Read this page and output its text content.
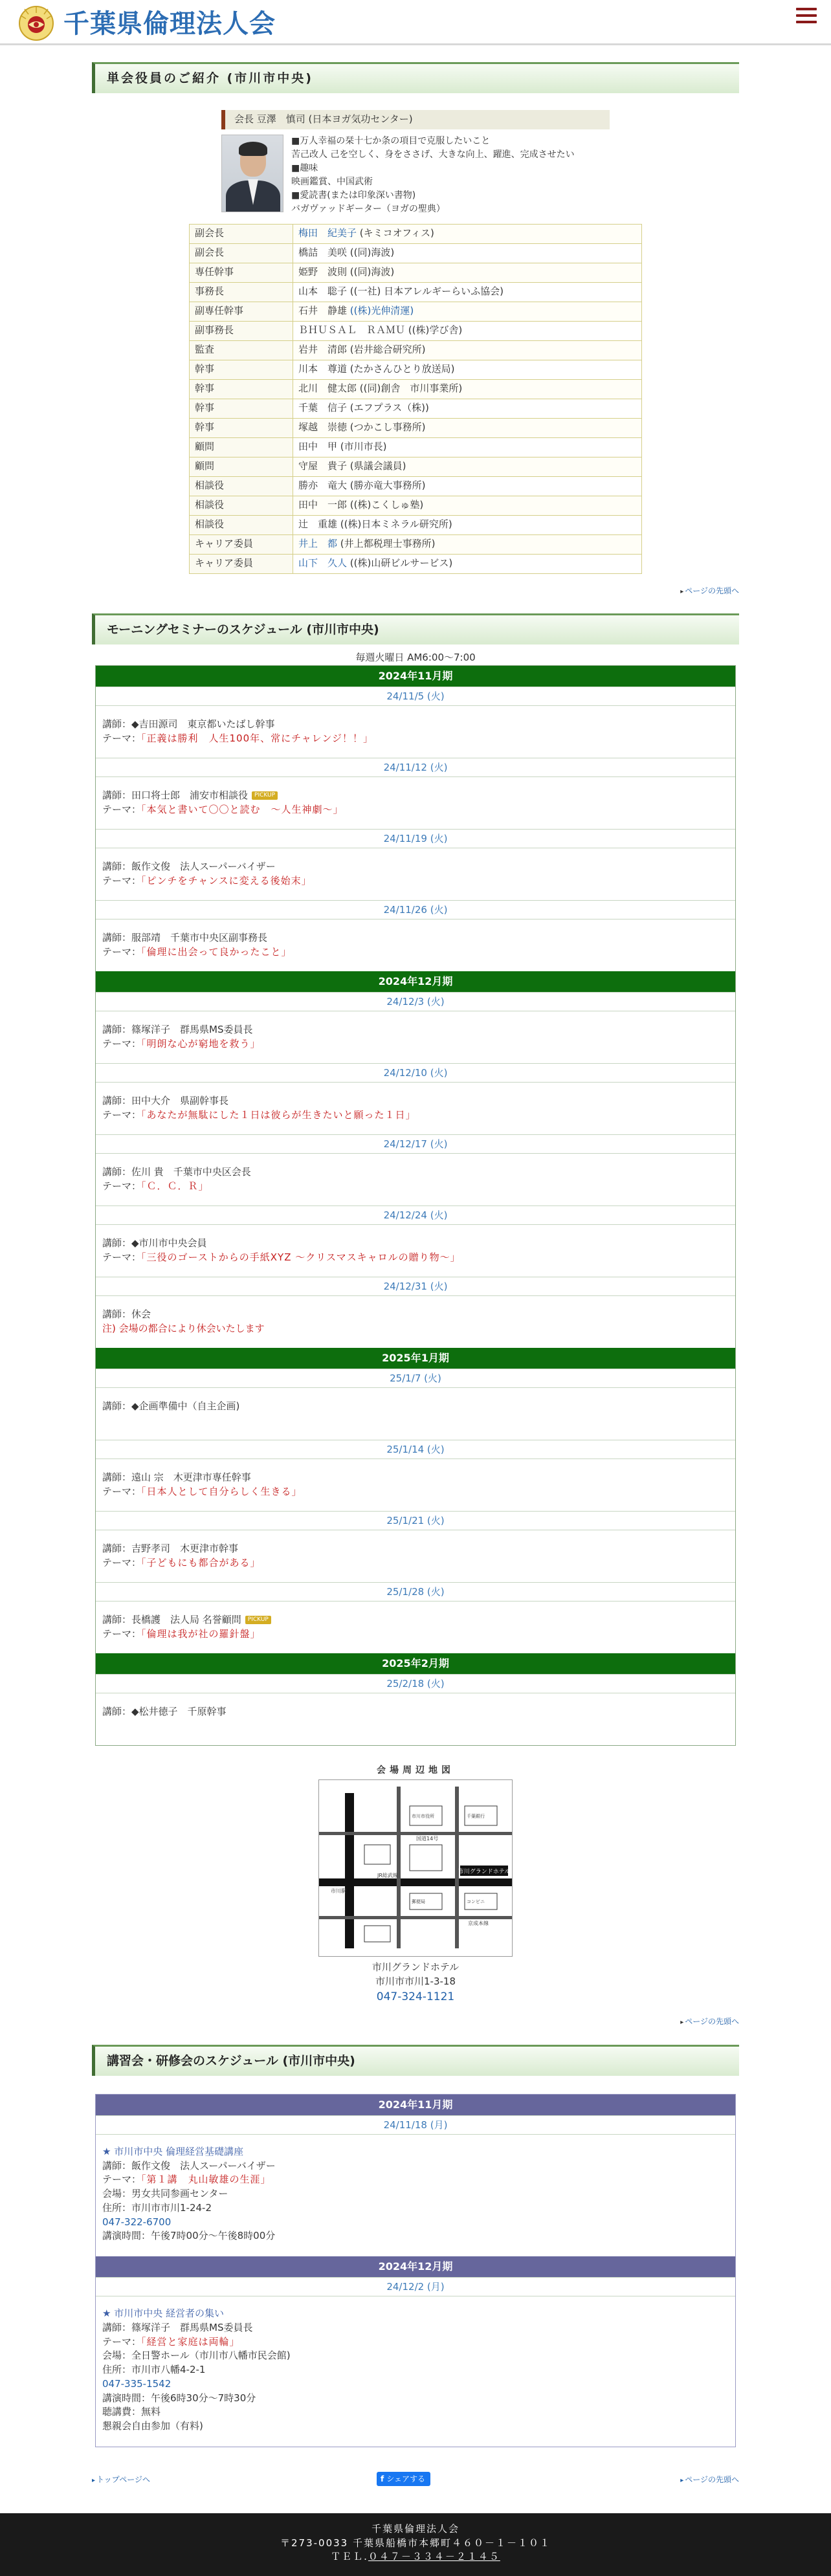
千葉県倫理法人会
単会役員のご紹介 (市川市中央)
会長 豆澤　慎司 (日本ヨガ気功センター)
■万人幸福の栞十七か条の項目で克服したいこと
苦己改人 己を空しく、身をささげ、大きな向上、躍進、完成させたい
■趣味
映画鑑賞、中国武術
■愛読書(または印象深い書物)
バガヴァッドギーター（ヨガの聖典）
副会長	梅田　紀美子 (キミコオフィス)
副会長	橋詰　美咲 ((同)海波)
専任幹事	姫野　波則 ((同)海波)
事務長	山本　聡子 ((一社) 日本アレルギーらいふ協会)
副専任幹事	石井　静雄 ((株)光伸清運)
副事務長	ＢＨＵＳＡＬ　ＲＡＭＵ ((株)学び舎)
監査	岩井　清郎 (岩井総合研究所)
幹事	川本　尊道 (たかさんひとり放送局)
幹事	北川　健太郎 ((同)創舎　市川事業所)
幹事	千葉　信子 (エフプラス（株))
幹事	塚越　崇徳 (つかこし事務所)
顧問	田中　甲 (市川市長)
顧問	守屋　貴子 (県議会議員)
相談役	勝亦　竜大 (勝亦竜大事務所)
相談役	田中　一郎 ((株)こくしゅ塾)
相談役	辻　重雄 ((株)日本ミネラル研究所)
キャリア委員	井上　都 (井上都税理士事務所)
キャリア委員	山下　久人 ((株)山研ビルサービス)
▸ ページの先頭へ
モーニングセミナーのスケジュール (市川市中央)
毎週火曜日 AM6:00～7:00
2024年11月期
24/11/5 (火)
講師：◆吉田源司　東京都いたばし幹事
テーマ：「正義は勝利　人生100年、常にチャレンジ！！」
24/11/12 (火)
講師：田口将士郎　浦安市相談役 PICKUP
テーマ：「本気と書いて〇〇と読む　～人生神劇～」
24/11/19 (火)
講師：飯作文俊　法人スーパーバイザー
テーマ：「ピンチをチャンスに変える後始末」
24/11/26 (火)
講師：服部靖　千葉市中央区副事務長
テーマ：「倫理に出会って良かったこと」
2024年12月期
24/12/3 (火)
講師：篠塚洋子　群馬県MS委員長
テーマ：「明朗な心が窮地を救う」
24/12/10 (火)
講師：田中大介　県副幹事長
テーマ：「あなたが無駄にした１日は彼らが生きたいと願った１日」
24/12/17 (火)
講師：佐川 貴　千葉市中央区会長
テーマ：「Ｃ．Ｃ．Ｒ」
24/12/24 (火)
講師：◆市川市中央会員
テーマ：「三役のゴーストからの手紙XYZ ～クリスマスキャロルの贈り物～」
24/12/31 (火)
講師：休会
注) 会場の都合により休会いたします
2025年1月期
25/1/7 (火)
講師：◆企画準備中（自主企画)
25/1/14 (火)
講師：遠山 宗　木更津市専任幹事
テーマ：「日本人として自分らしく生きる」
25/1/21 (火)
講師：吉野孝司　木更津市幹事
テーマ：「子どもにも都合がある」
25/1/28 (火)
講師：長橋護　法人局 名誉顧問 PICKUP
テーマ：「倫理は我が社の羅針盤」
2025年2月期
25/2/18 (火)
講師：◆松井徳子　千原幹事
会場周辺地図
市川グランドホテル
市川駅
国道14号
京成本線
JR総武線
市川市役所	千葉銀行
郵便局	コンビニ
市川グランドホテル
市川市市川1-3-18
047-324-1121
▸ ページの先頭へ
講習会・研修会のスケジュール (市川市中央)
2024年11月期
24/11/18 (月)
★ 市川市中央 倫理経営基礎講座
講師：飯作文俊　法人スーパーバイザー
テーマ：「第１講　丸山敏雄の生涯」
会場：男女共同参画センター
住所：市川市市川1-24-2
047-322-6700
講演時間：午後7時00分～午後8時00分
2024年12月期
24/12/2 (月)
★ 市川市中央 経営者の集い
講師：篠塚洋子　群馬県MS委員長
テーマ：「経営と家庭は両輪」
会場：全日警ホール（市川市八幡市民会館)
住所：市川市八幡4-2-1
047-335-1542
講演時間：午後6時30分～7時30分
聴講費：無料
懇親会自由参加（有料)
▸ トップページへ	f シェアする	▸ ページの先頭へ
千葉県倫理法人会
〒273-0033 千葉県船橋市本郷町４６０－１－１０１
ＴＥＬ.０４７－３３４－２１４５
